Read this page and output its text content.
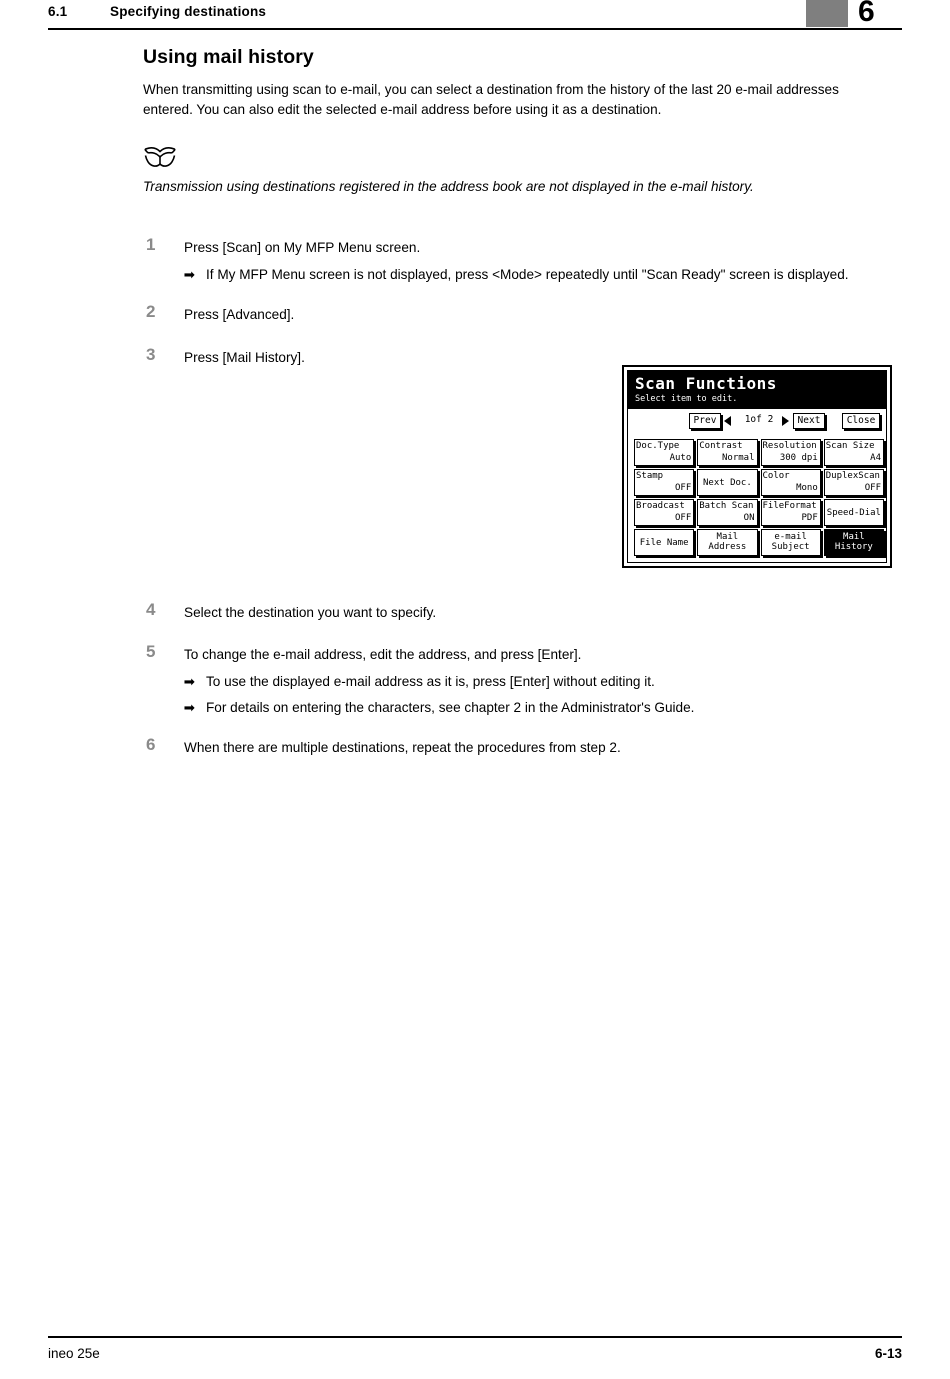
6.1	Specifying destinations	6
Using mail history

When transmitting using scan to e-mail, you can select a destination from the history of the last 20 e-mail addresses entered. You can also edit the selected e-mail address before using it as a destination.

Transmission using destinations registered in the address book are not displayed in the e-mail history.
1	Press [Scan] on My MFP Menu screen.
➟ If My MFP Menu screen is not displayed, press <Mode> repeatedly until "Scan Ready" screen is displayed.
2	Press [Advanced].
3	Press [Mail History].
4	Select the destination you want to specify.
5	To change the e-mail address, edit the address, and press [Enter].
➟ To use the displayed e-mail address as it is, press [Enter] without editing it.
➟ For details on entering the characters, see chapter 2 in the Administrator's Guide.
6	When there are multiple destinations, repeat the procedures from step 2.
Scan Functions
Select item to edit.
Prev	1of 2	Next	Close
Doc.Type
Auto
Contrast
Normal
Resolution
300 dpi
Scan Size
A4
Stamp
OFF	Next Doc.
Color
Mono
DuplexScan
OFF
Broadcast
OFF
Batch Scan
ON
FileFormat
PDF Speed-Dial
File Name
Mail
Address
e-mail
Subject
Mail
History
ineo 25e	6-13
